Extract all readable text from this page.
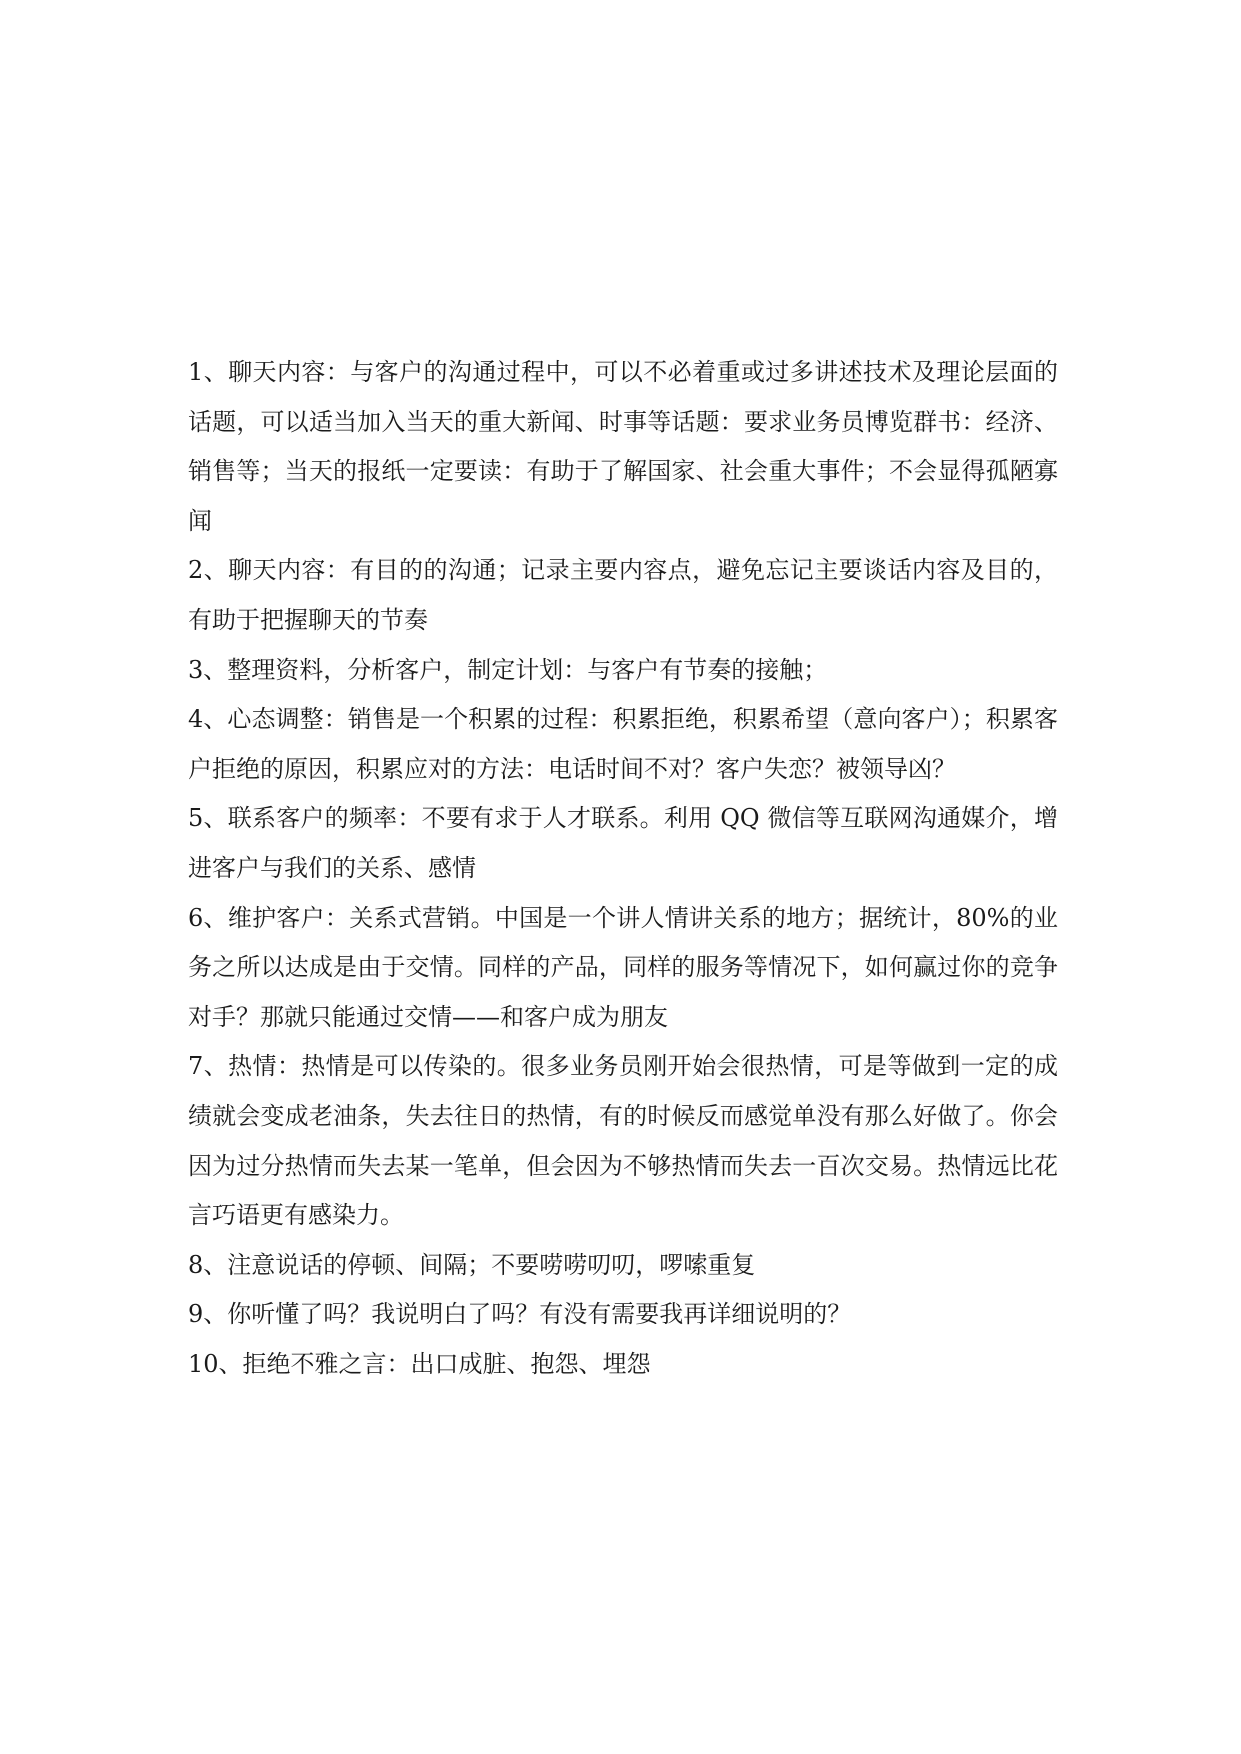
1、聊天内容：与客户的沟通过程中，可以不必着重或过多讲述技术及理论层面的话题，可以适当加入当天的重大新闻、时事等话题：要求业务员博览群书：经济、销售等；当天的报纸一定要读：有助于了解国家、社会重大事件；不会显得孤陋寡闻

2、聊天内容：有目的的沟通；记录主要内容点，避免忘记主要谈话内容及目的，有助于把握聊天的节奏

3、整理资料，分析客户，制定计划：与客户有节奏的接触；

4、心态调整：销售是一个积累的过程：积累拒绝，积累希望（意向客户）；积累客户拒绝的原因，积累应对的方法：电话时间不对？客户失恋？被领导凶？

5、联系客户的频率：不要有求于人才联系。利用 QQ 微信等互联网沟通媒介，增进客户与我们的关系、感情

6、维护客户：关系式营销。中国是一个讲人情讲关系的地方；据统计，80%的业务之所以达成是由于交情。同样的产品，同样的服务等情况下，如何赢过你的竞争对手？那就只能通过交情——和客户成为朋友

7、热情：热情是可以传染的。很多业务员刚开始会很热情，可是等做到一定的成绩就会变成老油条，失去往日的热情，有的时候反而感觉单没有那么好做了。你会因为过分热情而失去某一笔单，但会因为不够热情而失去一百次交易。热情远比花言巧语更有感染力。

8、注意说话的停顿、间隔；不要唠唠叨叨，啰嗦重复

9、你听懂了吗？我说明白了吗？有没有需要我再详细说明的？

10、拒绝不雅之言：出口成脏、抱怨、埋怨
